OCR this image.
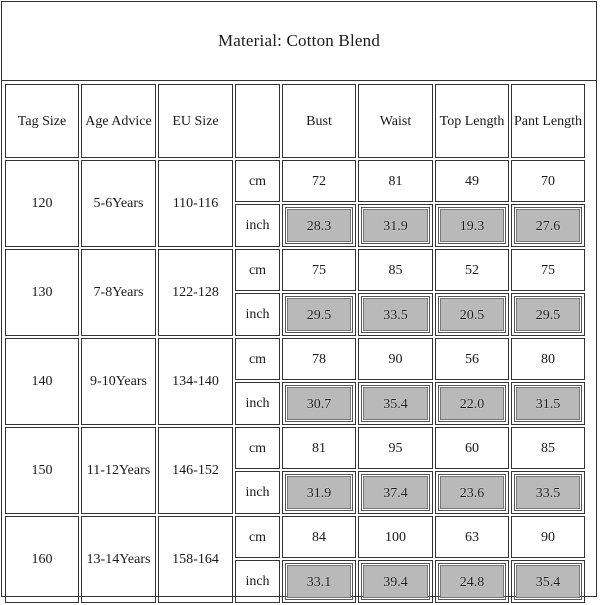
Material: Cotton Blend
Tag Size	Age Advice	EU Size		Bust	Waist	Top Length	Pant Length
120	5-6Years	110-116	cm	72	81	49	70
			inch	28.3	31.9	19.3	27.6

130	7-8Years	122-128	cm	75	85	52	75
			inch	29.5	33.5	20.5	29.5

140	9-10Years	134-140	cm	78	90	56	80
			inch	30.7	35.4	22.0	31.5

150	11-12Years	146-152	cm	81	95	60	85
			inch	31.9	37.4	23.6	33.5

160	13-14Years	158-164	cm	84	100	63	90
			inch	33.1	39.4	24.8	35.4
